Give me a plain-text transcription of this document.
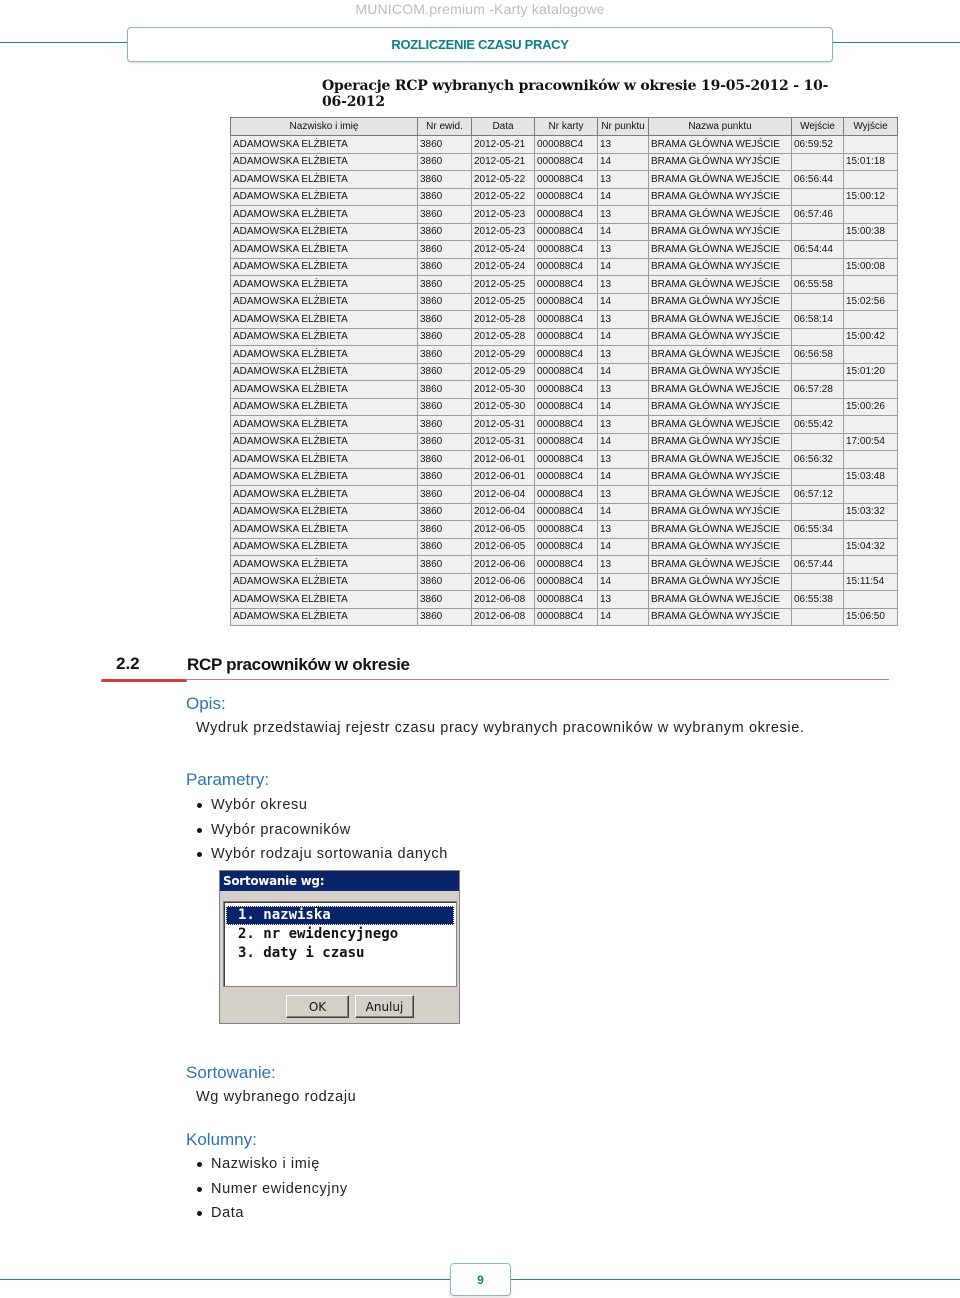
MUNICOM.premium -Karty katalogowe
ROZLICZENIE CZASU PRACY
Operacje RCP wybranych pracowników w okresie 19-05-2012 - 10-06-2012
Nazwisko i imię	Nr ewid.	Data	Nr karty	Nr punktu	Nazwa punktu	Wejście	Wyjście
ADAMOWSKA ELŻBIETA	3860	2012-05-21	000088C4	13	BRAMA GŁÓWNA WEJŚCIE	06:59:52	
ADAMOWSKA ELŻBIETA	3860	2012-05-21	000088C4	14	BRAMA GŁÓWNA WYJŚCIE		15:01:18
ADAMOWSKA ELŻBIETA	3860	2012-05-22	000088C4	13	BRAMA GŁÓWNA WEJŚCIE	06:56:44	
ADAMOWSKA ELŻBIETA	3860	2012-05-22	000088C4	14	BRAMA GŁÓWNA WYJŚCIE		15:00:12
ADAMOWSKA ELŻBIETA	3860	2012-05-23	000088C4	13	BRAMA GŁÓWNA WEJŚCIE	06:57:46	
ADAMOWSKA ELŻBIETA	3860	2012-05-23	000088C4	14	BRAMA GŁÓWNA WYJŚCIE		15:00:38
ADAMOWSKA ELŻBIETA	3860	2012-05-24	000088C4	13	BRAMA GŁÓWNA WEJŚCIE	06:54:44	
ADAMOWSKA ELŻBIETA	3860	2012-05-24	000088C4	14	BRAMA GŁÓWNA WYJŚCIE		15:00:08
ADAMOWSKA ELŻBIETA	3860	2012-05-25	000088C4	13	BRAMA GŁÓWNA WEJŚCIE	06:55:58	
ADAMOWSKA ELŻBIETA	3860	2012-05-25	000088C4	14	BRAMA GŁÓWNA WYJŚCIE		15:02:56
ADAMOWSKA ELŻBIETA	3860	2012-05-28	000088C4	13	BRAMA GŁÓWNA WEJŚCIE	06:58:14	
ADAMOWSKA ELŻBIETA	3860	2012-05-28	000088C4	14	BRAMA GŁÓWNA WYJŚCIE		15:00:42
ADAMOWSKA ELŻBIETA	3860	2012-05-29	000088C4	13	BRAMA GŁÓWNA WEJŚCIE	06:56:58	
ADAMOWSKA ELŻBIETA	3860	2012-05-29	000088C4	14	BRAMA GŁÓWNA WYJŚCIE		15:01:20
ADAMOWSKA ELŻBIETA	3860	2012-05-30	000088C4	13	BRAMA GŁÓWNA WEJŚCIE	06:57:28	
ADAMOWSKA ELŻBIETA	3860	2012-05-30	000088C4	14	BRAMA GŁÓWNA WYJŚCIE		15:00:26
ADAMOWSKA ELŻBIETA	3860	2012-05-31	000088C4	13	BRAMA GŁÓWNA WEJŚCIE	06:55:42	
ADAMOWSKA ELŻBIETA	3860	2012-05-31	000088C4	14	BRAMA GŁÓWNA WYJŚCIE		17:00:54
ADAMOWSKA ELŻBIETA	3860	2012-06-01	000088C4	13	BRAMA GŁÓWNA WEJŚCIE	06:56:32	
ADAMOWSKA ELŻBIETA	3860	2012-06-01	000088C4	14	BRAMA GŁÓWNA WYJŚCIE		15:03:48
ADAMOWSKA ELŻBIETA	3860	2012-06-04	000088C4	13	BRAMA GŁÓWNA WEJŚCIE	06:57:12	
ADAMOWSKA ELŻBIETA	3860	2012-06-04	000088C4	14	BRAMA GŁÓWNA WYJŚCIE		15:03:32
ADAMOWSKA ELŻBIETA	3860	2012-06-05	000088C4	13	BRAMA GŁÓWNA WEJŚCIE	06:55:34	
ADAMOWSKA ELŻBIETA	3860	2012-06-05	000088C4	14	BRAMA GŁÓWNA WYJŚCIE		15:04:32
ADAMOWSKA ELŻBIETA	3860	2012-06-06	000088C4	13	BRAMA GŁÓWNA WEJŚCIE	06:57:44	
ADAMOWSKA ELŻBIETA	3860	2012-06-06	000088C4	14	BRAMA GŁÓWNA WYJŚCIE		15:11:54
ADAMOWSKA ELŻBIETA	3860	2012-06-08	000088C4	13	BRAMA GŁÓWNA WEJŚCIE	06:55:38	
ADAMOWSKA ELŻBIETA	3860	2012-06-08	000088C4	14	BRAMA GŁÓWNA WYJŚCIE		15:06:50
2.2	RCP pracowników w okresie
Opis:
Wydruk przedstawiaj rejestr czasu pracy wybranych pracowników w wybranym okresie.
Parametry:
Wybór okresu
Wybór pracowników
Wybór rodzaju sortowania danych
Sortowanie wg:
1. nazwiska
2. nr ewidencyjnego
3. daty i czasu
OK	Anuluj
Sortowanie:
Wg wybranego rodzaju
Kolumny:
Nazwisko i imię
Numer ewidencyjny
Data
9
